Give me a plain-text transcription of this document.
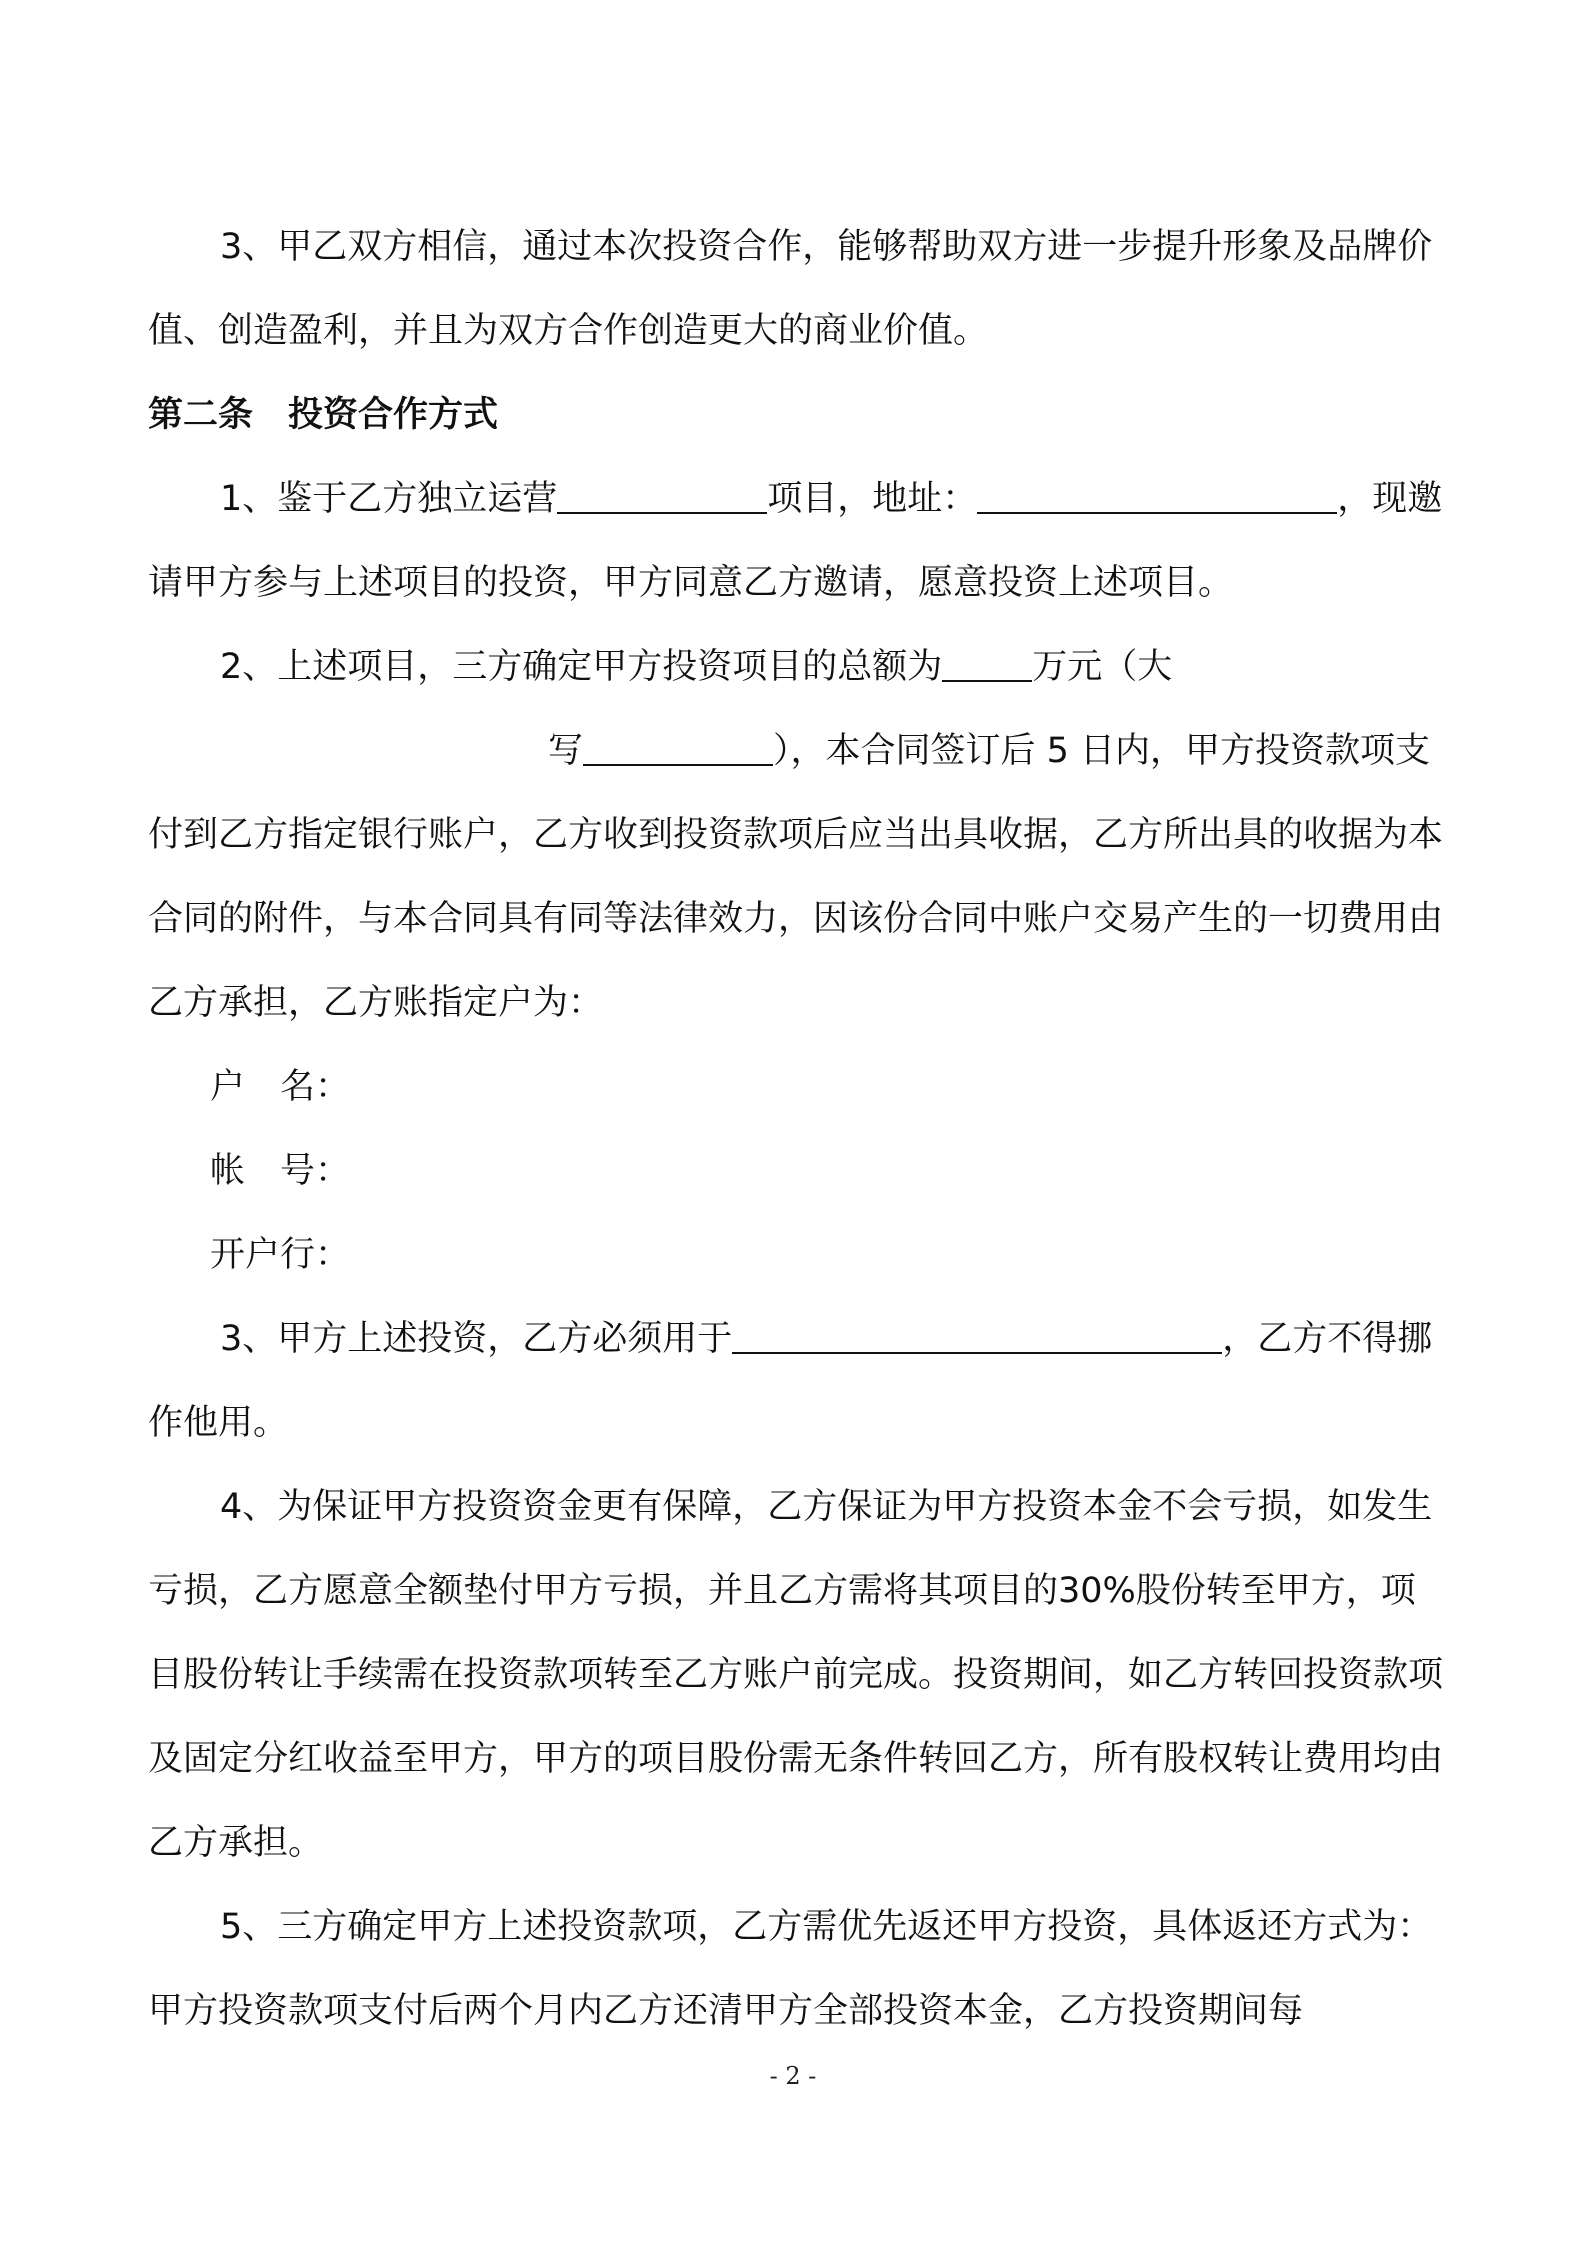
3、甲乙双方相信，通过本次投资合作，能够帮助双方进一步提升形象及品牌价值、创造盈利，并且为双方合作创造更大的商业价值。

第二条　投资合作方式

1、鉴于乙方独立运营	项目，地址：	，现邀请甲方参与上述项目的投资，甲方同意乙方邀请，愿意投资上述项目。

2、上述项目，三方确定甲方投资项目的总额为	万元（大写	），本合同签订后 5 日内，甲方投资款项支付到乙方指定银行账户，乙方收到投资款项后应当出具收据，乙方所出具的收据为本合同的附件，与本合同具有同等法律效力，因该份合同中账户交易产生的一切费用由乙方承担，乙方账指定户为：

户　名：

帐　号：

开户行：

3、甲方上述投资，乙方必须用于	，乙方不得挪作他用。

4、为保证甲方投资资金更有保障，乙方保证为甲方投资本金不会亏损，如发生亏损，乙方愿意全额垫付甲方亏损，并且乙方需将其项目的30%股份转至甲方，项目股份转让手续需在投资款项转至乙方账户前完成。投资期间，如乙方转回投资款项及固定分红收益至甲方，甲方的项目股份需无条件转回乙方，所有股权转让费用均由乙方承担。

5、三方确定甲方上述投资款项，乙方需优先返还甲方投资，具体返还方式为：甲方投资款项支付后两个月内乙方还清甲方全部投资本金，乙方投资期间每

- 2 -
